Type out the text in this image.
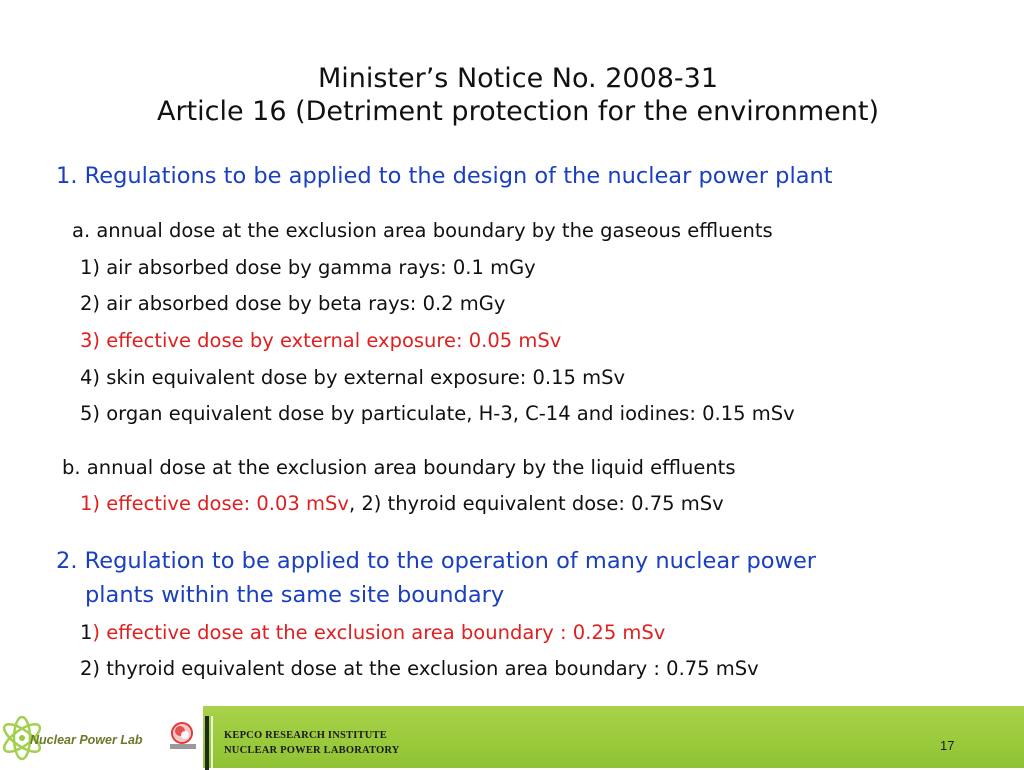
Minister’s Notice No. 2008-31
Article 16 (Detriment protection for the environment)
1. Regulations to be applied to the design of the nuclear power plant
a. annual dose at the exclusion area boundary by the gaseous effluents
1) air absorbed dose by gamma rays: 0.1 mGy
2) air absorbed dose by beta rays: 0.2 mGy
3) effective dose by external exposure: 0.05 mSv
4) skin equivalent dose by external exposure: 0.15 mSv
5) organ equivalent dose by particulate, H-3, C-14 and iodines: 0.15 mSv
b. annual dose at the exclusion area boundary by the liquid effluents
1) effective dose: 0.03 mSv, 2) thyroid equivalent dose: 0.75 mSv
2. Regulation to be applied to the operation of many nuclear power
plants within the same site boundary
1) effective dose at the exclusion area boundary : 0.25 mSv
2) thyroid equivalent dose at the exclusion area boundary : 0.75 mSv
Nuclear Power Lab	KEPCO RESEARCH INSTITUTE
NUCLEAR POWER LABORATORY	17
